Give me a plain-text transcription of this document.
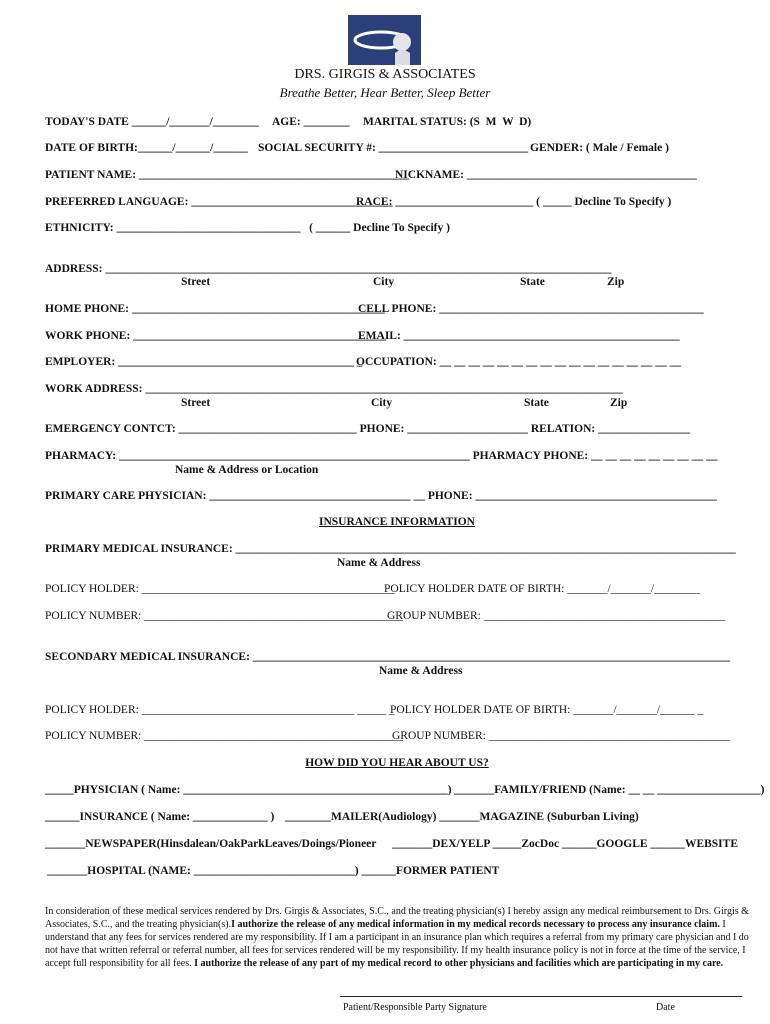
DRS. GIRGIS & ASSOCIATES
Breathe Better, Hear Better, Sleep Better
TODAY'S DATE ______/_______/________ AGE: ________ MARITAL STATUS: (S  M  W  D)
DATE OF BIRTH:______/______/______ SOCIAL SECURITY #: __________________________ GENDER: ( Male / Female )
PATIENT NAME: _______________________________________________
NICKNAME: ________________________________________
PREFERRED LANGUAGE: ___________________________________
RACE: ________________________ ( _____ Decline To Specify )
ETHNICITY: ________________________________   ( ______ Decline To Specify )
ADDRESS: ________________________________________________________________________________________
Street	City	State	Zip
HOME PHONE: ____________________________________________
CELL PHONE: ______________________________________________
WORK PHONE: ____________________________________________
EMAIL: ________________________________________________
EMPLOYER: _________________________________________ _
OCCUPATION: __ __ __ __ __ __ __ __ __ __ __ __ __ __ __ __ __
WORK ADDRESS: ___________________________________________________________________________________
Street	City	State	Zip
EMERGENCY CONTCT: _______________________________ PHONE: _____________________ RELATION: ________________
PHARMACY: _____________________________________________________________ PHARMACY PHONE: __ __ __ __ __ __ __ __ __
Name & Address or Location
PRIMARY CARE PHYSICIAN: ___________________________________ __ PHONE: __________________________________________
INSURANCE INFORMATION
PRIMARY MEDICAL INSURANCE: _______________________________________________________________________________________
Name & Address
POLICY HOLDER: ____________________________________________
POLICY HOLDER DATE OF BIRTH: _______/_______/________
POLICY NUMBER: _____________________________________________
GROUP NUMBER: __________________________________________
SECONDARY MEDICAL INSURANCE: ___________________________________________________________________________________
Name & Address
POLICY HOLDER: _____________________________________ _____ _
POLICY HOLDER DATE OF BIRTH: _______/_______/______ _
POLICY NUMBER: _____________________________________________
GROUP NUMBER: __________________________________________
HOW DID YOU HEAR ABOUT US?
_____PHYSICIAN ( Name: ______________________________________________) _______FAMILY/FRIEND (Name: __ __ __________________)
______INSURANCE ( Name: _____________ ) ________MAILER(Audiology) _______MAGAZINE (Suburban Living)
_______NEWSPAPER(Hinsdalean/OakParkLeaves/Doings/Pioneer _______DEX/YELP _____ZocDoc ______GOOGLE ______WEBSITE
_______HOSPITAL (NAME: ____________________________) ______FORMER PATIENT
In consideration of these medical services rendered by Drs. Girgis & Associates, S.C., and the treating physician(s) I hereby assign any medical reimbursement to Drs. Girgis & Associates, S.C., and the treating physician(s).I authorize the release of any medical information in my medical records necessary to process any insurance claim. I understand that any fees for services rendered are my responsibility. If I am a participant in an insurance plan which requires a referral from my primary care physician and I do not have that written referral or referral number, all fees for services rendered will be my responsibility. If my health insurance policy is not in force at the time of the service, I accept full responsibility for all fees. I authorize the release of any part of my medical record to other physicians and facilities which are participating in my care.
Patient/Responsible Party Signature	Date
